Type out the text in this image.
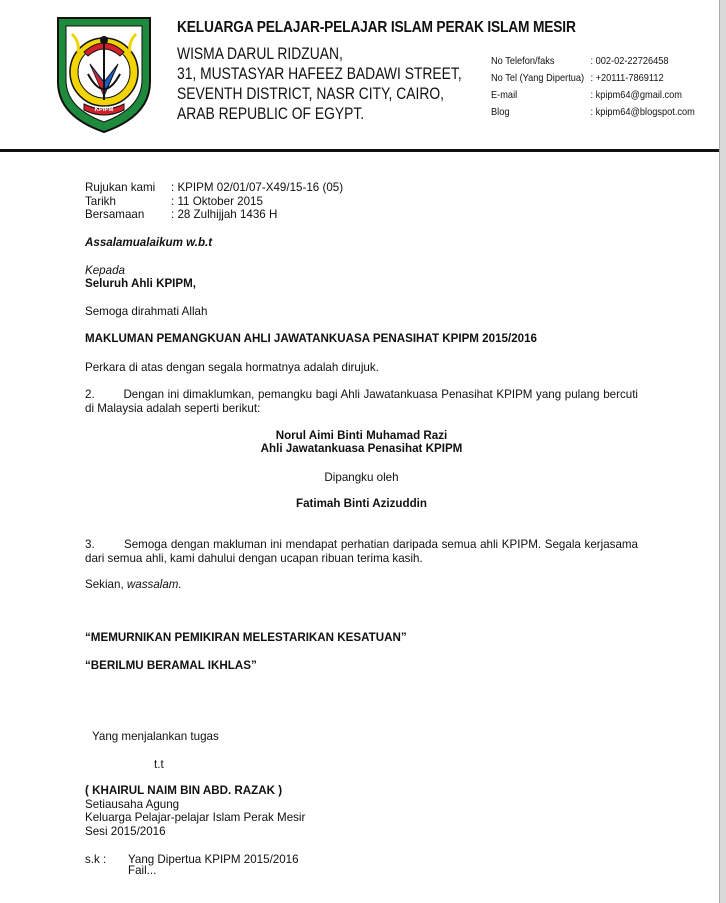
KPIPM
KELUARGA PELAJAR-PELAJAR ISLAM PERAK ISLAM MESIR
WISMA DARUL RIDZUAN,
31, MUSTASYAR HAFEEZ BADAWI STREET,
SEVENTH DISTRICT, NASR CITY, CAIRO,
ARAB REPUBLIC OF EGYPT.
No Telefon/faks	: 002-02-22726458
No Tel (Yang Dipertua) : +20111-7869112
E-mail	: kpipm64@gmail.com
Blog	: kpipm64@blogspot.com
Rujukan kami	: KPIPM 02/01/07-X49/15-16 (05)
Tarikh	: 11 Oktober 2015
Bersamaan	: 28 Zulhijjah 1436 H
Assalamualaikum w.b.t
Kepada
Seluruh Ahli KPIPM,
Semoga dirahmati Allah
MAKLUMAN PEMANGKUAN AHLI JAWATANKUASA PENASIHAT KPIPM 2015/2016
Perkara di atas dengan segala hormatnya adalah dirujuk.
2.        Dengan ini dimaklumkan, pemangku bagi Ahli Jawatankuasa Penasihat KPIPM yang pulang bercuti di Malaysia adalah seperti berikut:
Norul Aimi Binti Muhamad Razi
Ahli Jawatankuasa Penasihat KPIPM
Dipangku oleh
Fatimah Binti Azizuddin
3.        Semoga dengan makluman ini mendapat perhatian daripada semua ahli KPIPM. Segala kerjasama dari semua ahli, kami dahului dengan ucapan ribuan terima kasih.
Sekian, wassalam.
“MEMURNIKAN PEMIKIRAN MELESTARIKAN KESATUAN”
“BERILMU BERAMAL IKHLAS”
Yang menjalankan tugas
t.t
( KHAIRUL NAIM BIN ABD. RAZAK )
Setiausaha Agung
Keluarga Pelajar-pelajar Islam Perak Mesir
Sesi 2015/2016
s.k :	Yang Dipertua KPIPM 2015/2016
Fail...
